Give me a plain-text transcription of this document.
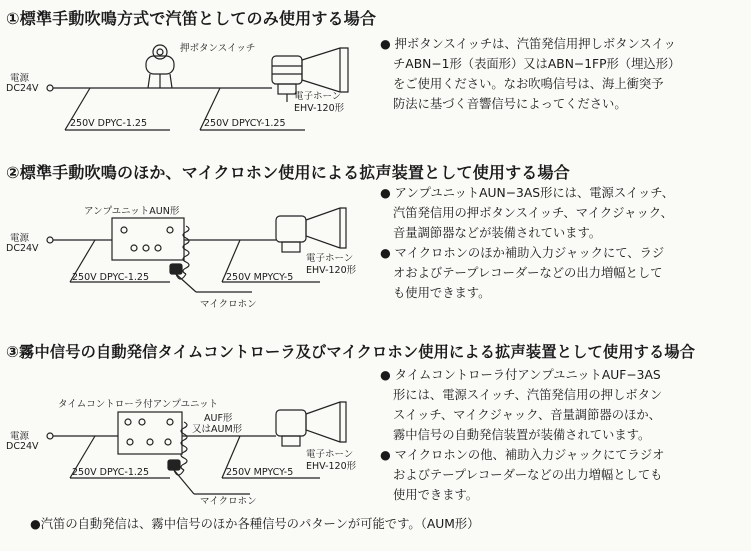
①標準手動吹鳴方式で汽笛としてのみ使用する場合
電源
DC24V
押ボタンスイッチ
電子ホーン
EHV-120形
250V DPYC-1.25	250V DPYCY-1.25

● 押ボタンスイッチは、汽笛発信用押しボタンスイッ

チABN−1形（表面形）又はABN−1FP形（埋込形）

をご使用ください。なお吹鳴信号は、海上衝突予

防法に基づく音響信号によってください。

②標準手動吹鳴のほか、マイクロホン使用による拡声装置として使用する場合
アンプユニットAUN形
電源
DC24V
電子ホーン
EHV-120形
250V DPYC-1.25	250V MPYCY-5
マイクロホン

● アンプユニットAUN−3AS形には、電源スイッチ、

汽笛発信用の押ボタンスイッチ、マイクジャック、

音量調節器などが装備されています。

● マイクロホンのほか補助入力ジャックにて、ラジ

オおよびテープレコーダーなどの出力増幅として

も使用できます。

③霧中信号の自動発信タイムコントローラ及びマイクロホン使用による拡声装置として使用する場合
タイムコントローラ付アンプユニット
AUF形
又はAUM形
電源
DC24V
電子ホーン
EHV-120形
250V DPYC-1.25	250V MPYCY-5
マイクロホン

● タイムコントローラ付アンプユニットAUF−3AS

形には、電源スイッチ、汽笛発信用の押しボタン

スイッチ、マイクジャック、音量調節器のほか、

霧中信号の自動発信装置が装備されています。

● マイクロホンの他、補助入力ジャックにてラジオ

およびテープレコーダーなどの出力増幅としても

使用できます。

●汽笛の自動発信は、霧中信号のほか各種信号のパターンが可能です。（AUM形）
